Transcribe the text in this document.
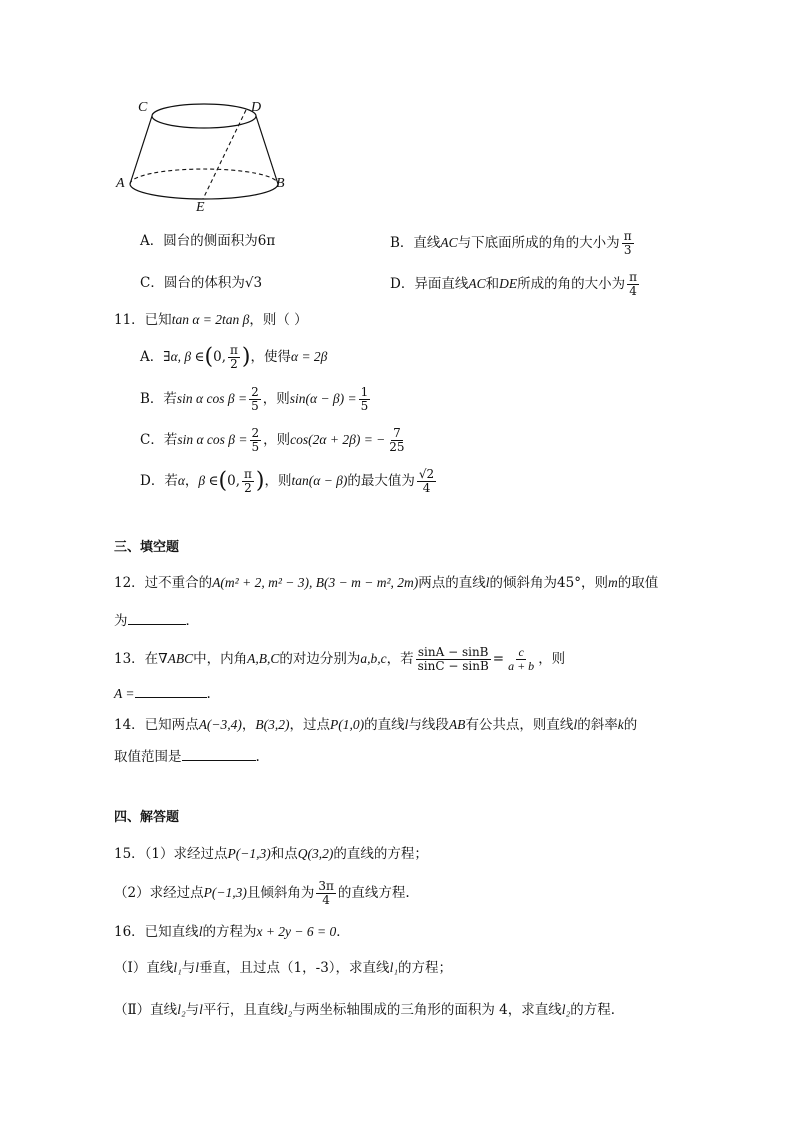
C	D
A	B
E
A．圆台的侧面积为6π	B．直线AC与下底面所成的角的大小为 $\frac{\pi}{3}$
C．圆台的体积为√3	D．异面直线AC和DE所成的角的大小为 $\frac{\pi}{4}$
11．已知tan α = 2tan β，则（ ）
A．∃α, β ∈(0, $\frac{\pi}{2}$ )，使得α = 2β
B．若sin α $\cos \beta = \frac{2}{5}$ ，则$\sin(\alpha - \beta) = \frac{1}{5}$
C．若sin α $\cos \beta = \frac{2}{5}$ ，则cos(2α + 2β) = − $\frac{7}{25}$
D．若α，β ∈(0, $\frac{\pi}{2}$ )，则tan(α − β)的最大值为 $\frac{√2}{4}$
三、填空题
12．过不重合的A(m² + 2, m² − 3), B(3 − m − m², 2m)两点的直线l的倾斜角为45°，则m的取值
为	．
13．在∇ABC中，内角A,B,C的对边分别为a,b,c，若 $\frac{\sin A - \sin B}{\sin C - \sin B} = \frac{c}{a + b}$ ，则
A =	.
14．已知两点A(−3,4)，B(3,2)，过点P(1,0)的直线l与线段AB有公共点，则直线l的斜率k的
取值范围是	.
四、解答题
15．（1）求经过点P(−1,3)和点Q(3,2)的直线的方程；
（2）求经过点P(−1,3)且倾斜角为 $\frac{3\pi}{4}$ 的直线方程.
16．已知直线l的方程为x + 2y − 6 = 0．
（Ⅰ）直线l₁与l垂直，且过点（1，-3），求直线l₁的方程；
（Ⅱ）直线l₂与l平行，且直线l₂与两坐标轴围成的三角形的面积为 4，求直线l₂的方程．
